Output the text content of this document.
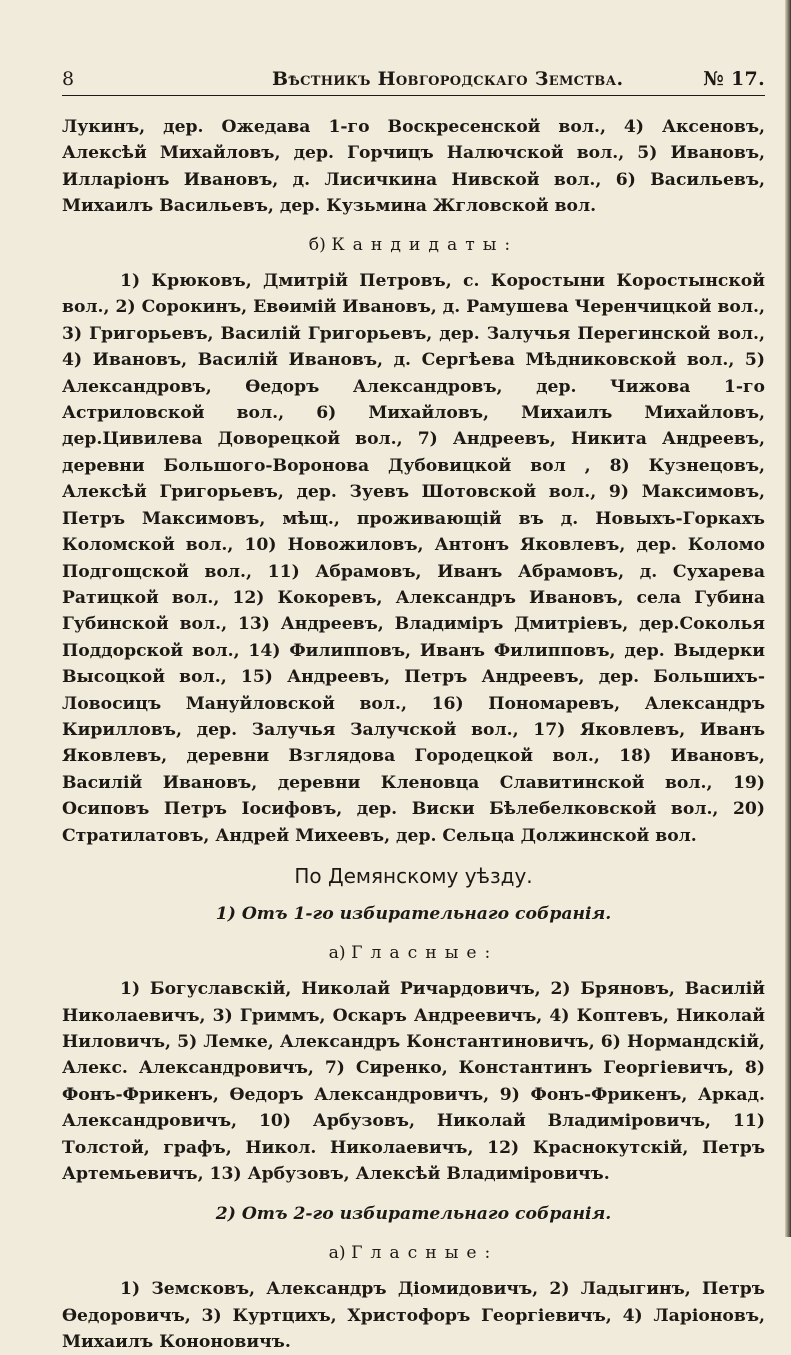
8	Вѣстникъ Новгородскаго Земства.	№ 17.

Лукинъ, дер. Ожедава 1-го Воскресенской вол., 4) Аксеновъ, Алексѣй Михайловъ, дер. Горчицъ Налючской вол., 5) Ивановъ, Илларіонъ Ивановъ, д. Лисичкина Нивской вол., 6) Васильевъ, Михаилъ Васильевъ, дер. Кузьмина Жгловской вол.

б) Кандидаты:

1) Крюковъ, Дмитрій Петровъ, с. Коростыни Коростынской вол., 2) Сорокинъ, Евѳимій Ивановъ, д. Рамушева Черенчицкой вол., 3) Григорьевъ, Василій Григорьевъ, дер. Залучья Перегинской вол., 4) Ивановъ, Василій Ивановъ, д. Сергѣева Мѣдниковской вол., 5) Александровъ, Ѳедоръ Александровъ, дер. Чижова 1-го Астриловской вол., 6) Михайловъ, Михаилъ Михайловъ, дер.Цивилева Доворецкой вол., 7) Андреевъ, Никита Андреевъ, деревни Большого-Воронова Дубовицкой вол , 8) Кузнецовъ, Алексѣй Григорьевъ, дер. Зуевъ Шотовской вол., 9) Максимовъ, Петръ Максимовъ, мѣщ., проживающій въ д. Новыхъ-Горкахъ Коломской вол., 10) Новожиловъ, Антонъ Яковлевъ, дер. Коломо Подгощской вол., 11) Абрамовъ, Иванъ Абрамовъ, д. Сухарева Ратицкой вол., 12) Кокоревъ, Александръ Ивановъ, села Губина Губинской вол., 13) Андреевъ, Владиміръ Дмитріевъ, дер.Соколья Поддорской вол., 14) Филипповъ, Иванъ Филипповъ, дер. Выдерки Высоцкой вол., 15) Андреевъ, Петръ Андреевъ, дер. Большихъ-Ловосицъ Мануйловской вол., 16) Пономаревъ, Александръ Кирилловъ, дер. Залучья Залучской вол., 17) Яковлевъ, Иванъ Яковлевъ, деревни Взглядова Городецкой вол., 18) Ивановъ, Василій Ивановъ, деревни Кленовца Славитинской вол., 19) Осиповъ Петръ Іосифовъ, дер. Виски Бѣлебелковской вол., 20) Стратилатовъ, Андрей Михеевъ, дер. Сельца Должинской вол.

По Демянскому уѣзду.
1) Отъ 1-го избирательнаго собранія.
а) Гласные:

1) Богуславскій, Николай Ричардовичъ, 2) Бряновъ, Василій Николаевичъ, 3) Гриммъ, Оскаръ Андреевичъ, 4) Коптевъ, Николай Ниловичъ, 5) Лемке, Александръ Константиновичъ, 6) Нормандскій, Алекс. Александровичъ, 7) Сиренко, Константинъ Георгіевичъ, 8) Фонъ-Фрикенъ, Ѳедоръ Александровичъ, 9) Фонъ-Фрикенъ, Аркад. Александровичъ, 10) Арбузовъ, Николай Владиміровичъ, 11) Толстой, графъ, Никол. Николаевичъ, 12) Краснокутскій, Петръ Артемьевичъ, 13) Арбузовъ, Алексѣй Владиміровичъ.

2) Отъ 2-го избирательнаго собранія.
а) Гласные:

1) Земсковъ, Александръ Діомидовичъ, 2) Ладыгинъ, Петръ Ѳедоровичъ, 3) Куртцихъ, Христофоръ Георгіевичъ, 4) Ларіоновъ, Михаилъ Кононовичъ.
